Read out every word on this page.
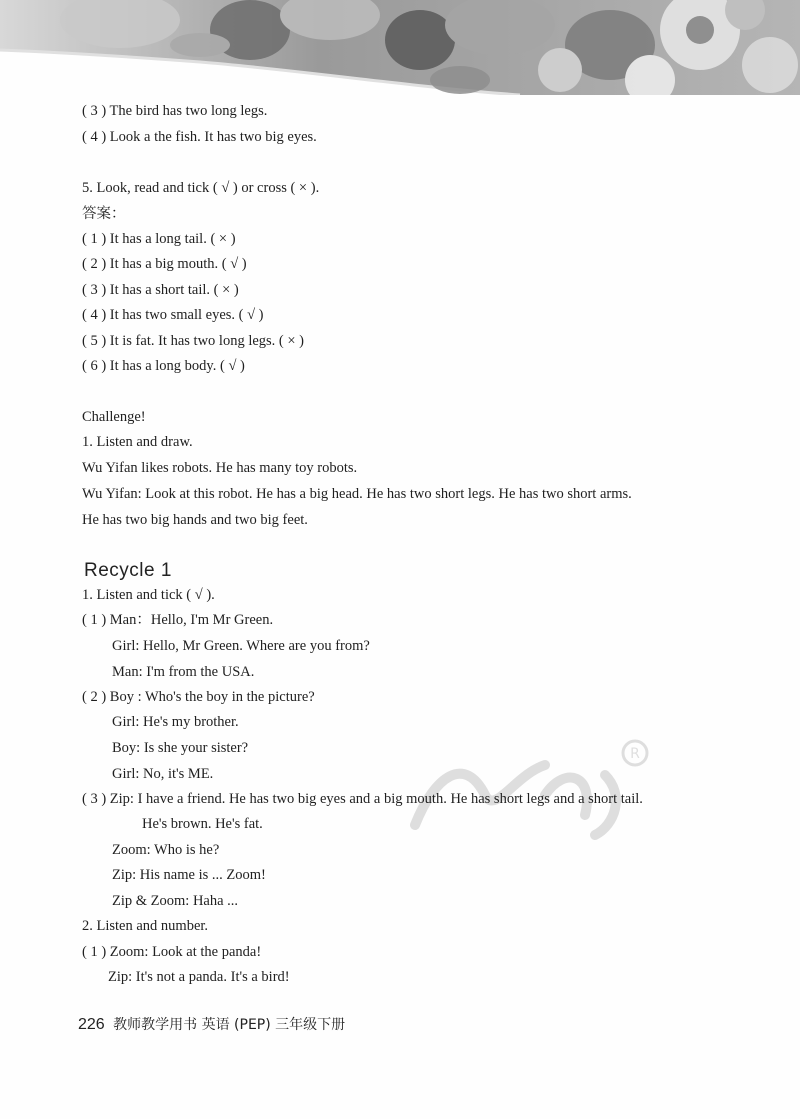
R
( 3 ) The bird has two long legs.
( 4 ) Look a the fish. It has two big eyes.
5. Look, read and tick ( √ ) or cross ( × ).
答案：
( 1 ) It has a long tail. ( × )
( 2 ) It has a big mouth. ( √ )
( 3 ) It has a short tail. ( × )
( 4 ) It has two small eyes. ( √ )
( 5 ) It is fat. It has two long legs. ( × )
( 6 ) It has a long body. ( √ )
Challenge!
1. Listen and draw.
Wu Yifan likes robots. He has many toy robots.
Wu Yifan: Look at this robot. He has a big head. He has two short legs. He has two short arms.
He has two big hands and two big feet.
Recycle 1
1. Listen and tick ( √ ).
( 1 ) Man：Hello, I'm Mr Green.
Girl: Hello, Mr Green. Where are you from?
Man: I'm from the USA.
( 2 ) Boy : Who's the boy in the picture?
Girl: He's my brother.
Boy: Is she your sister?
Girl: No, it's ME.
( 3 ) Zip: I have a friend. He has two big eyes and a big mouth. He has short legs and a short tail.
He's brown. He's fat.
Zoom: Who is he?
Zip: His name is ... Zoom!
Zip & Zoom: Haha ...
2. Listen and number.
( 1 ) Zoom: Look at the panda!
Zip: It's not a panda. It's a bird!
226 教师教学用书 英语 (PEP) 三年级下册
